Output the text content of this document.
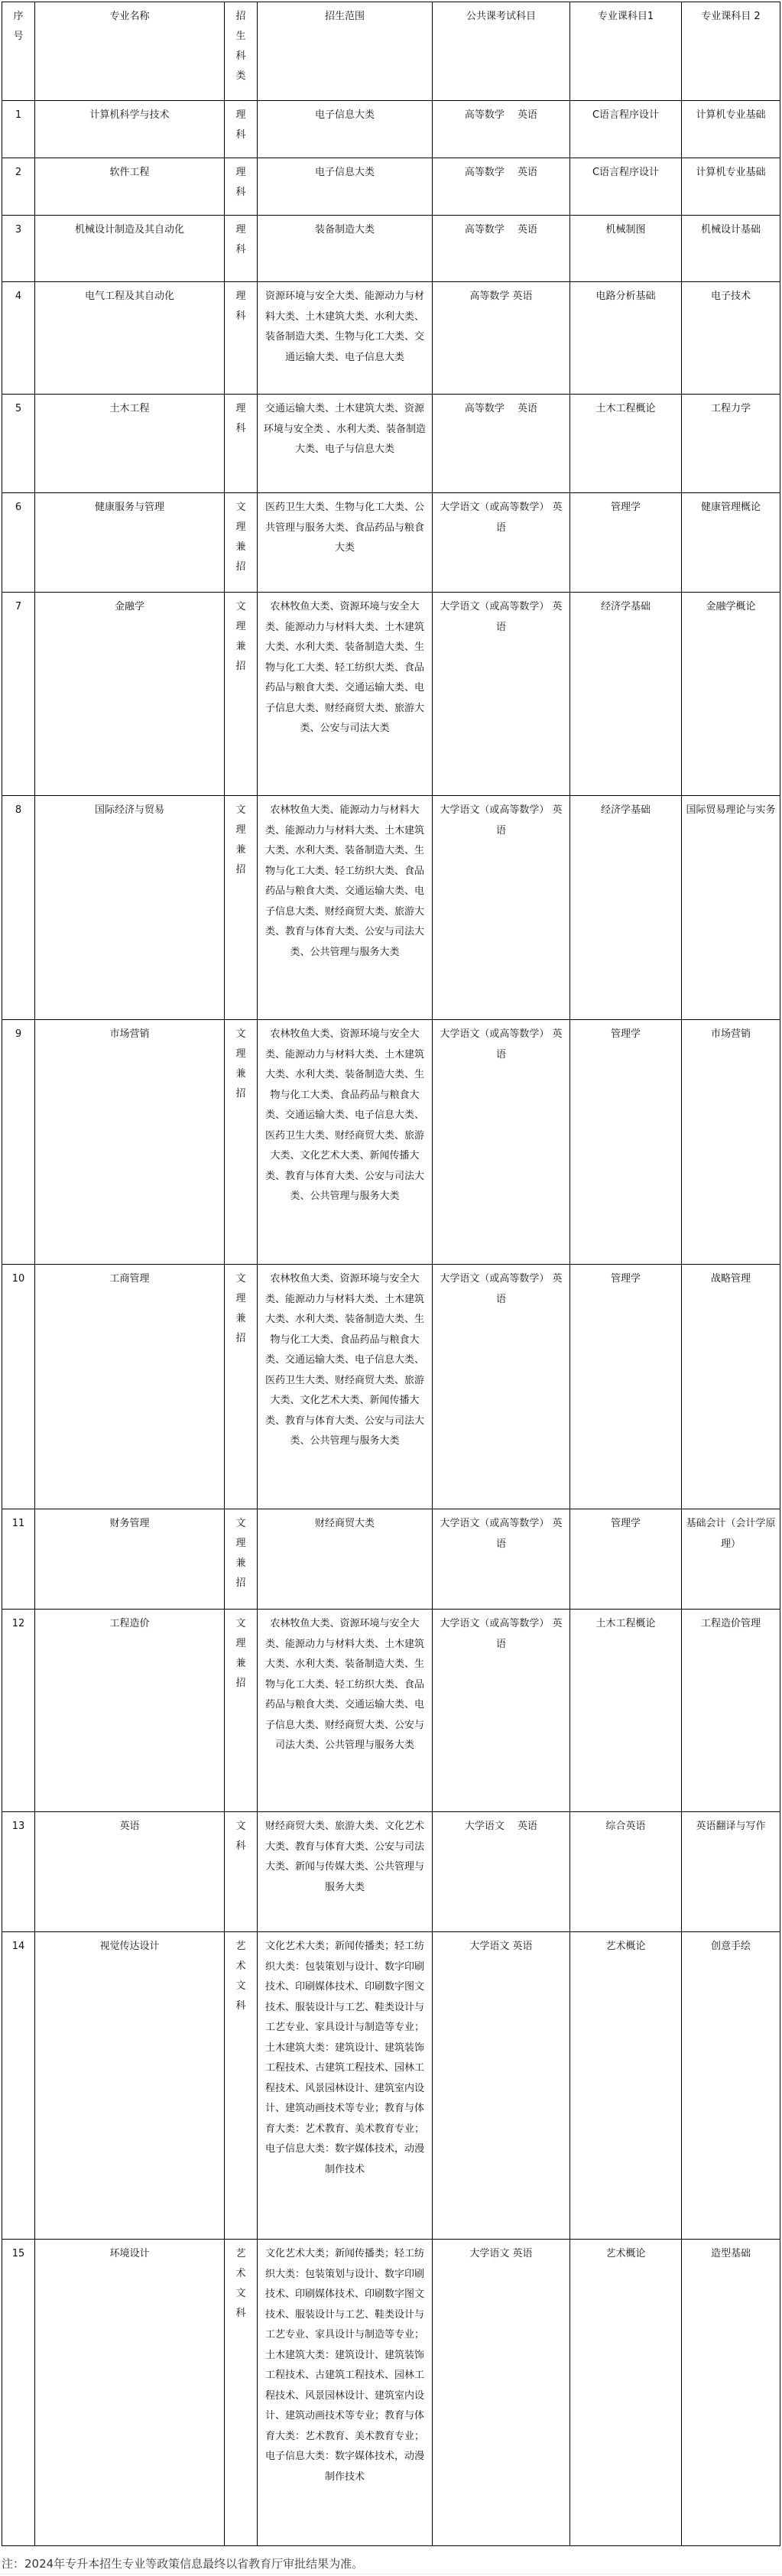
序号	专业名称	招生科类	招生范围	公共课考试科目	专业课科目1	专业课科目 2
1	计算机科学与技术	理科	电子信息大类	高等数学　 英语	C语言程序设计	计算机专业基础
2	软件工程	理科	电子信息大类	高等数学　 英语	C语言程序设计	计算机专业基础
3	机械设计制造及其自动化	理科	装备制造大类	高等数学　 英语	机械制图	机械设计基础
4	电气工程及其自动化	理科	资源环境与安全大类、能源动力与材料大类、土木建筑大类、水利大类、装备制造大类、生物与化工大类、交通运输大类、电子信息大类	高等数学 英语	电路分析基础	电子技术
5	土木工程	理科	交通运输大类、土木建筑大类、资源环境与安全类 、水利大类、装备制造大类、电子与信息大类	高等数学　 英语	土木工程概论	工程力学
6	健康服务与管理	文理兼招	医药卫生大类、生物与化工大类、公共管理与服务大类、食品药品与粮食大类	大学语文（或高等数学） 英语	管理学	健康管理概论
7	金融学	文理兼招	农林牧鱼大类、资源环境与安全大类、能源动力与材料大类、土木建筑大类、水利大类、装备制造大类、生物与化工大类、轻工纺织大类、食品药品与粮食大类、交通运输大类、电子信息大类、财经商贸大类、旅游大类、公安与司法大类	大学语文（或高等数学） 英语	经济学基础	金融学概论
8	国际经济与贸易	文理兼招	农林牧鱼大类、能源动力与材料大类、能源动力与材料大类、土木建筑大类、水利大类、装备制造大类、生物与化工大类、轻工纺织大类、食品药品与粮食大类、交通运输大类、电子信息大类、财经商贸大类、旅游大类、教育与体育大类、公安与司法大类、公共管理与服务大类	大学语文（或高等数学） 英语	经济学基础	国际贸易理论与实务
9	市场营销	文理兼招	农林牧鱼大类、资源环境与安全大类、能源动力与材料大类、土木建筑大类、水利大类、装备制造大类、生物与化工大类、食品药品与粮食大类、交通运输大类、电子信息大类、医药卫生大类、财经商贸大类、旅游大类、文化艺术大类、新闻传播大类、教育与体育大类、公安与司法大类、公共管理与服务大类	大学语文（或高等数学） 英语	管理学	市场营销
10	工商管理	文理兼招	农林牧鱼大类、资源环境与安全大类、能源动力与材料大类、土木建筑大类、水利大类、装备制造大类、生物与化工大类、食品药品与粮食大类、交通运输大类、电子信息大类、医药卫生大类、财经商贸大类、旅游大类、文化艺术大类、新闻传播大类、教育与体育大类、公安与司法大类、公共管理与服务大类	大学语文（或高等数学） 英语	管理学	战略管理
11	财务管理	文理兼招	财经商贸大类	大学语文（或高等数学） 英语	管理学	基础会计（会计学原理）
12	工程造价	文理兼招	农林牧鱼大类、资源环境与安全大类、能源动力与材料大类、土木建筑大类、水利大类、装备制造大类、生物与化工大类、轻工纺织大类、食品药品与粮食大类、交通运输大类、电子信息大类、财经商贸大类、公安与司法大类、公共管理与服务大类	大学语文（或高等数学） 英语	土木工程概论	工程造价管理
13	英语	文科	财经商贸大类、旅游大类、文化艺术大类、教育与体育大类、公安与司法大类、新闻与传媒大类、公共管理与服务大类	大学语文　 英语	综合英语	英语翻译与写作
14	视觉传达设计	艺术文科	文化艺术大类；新闻传播类；轻工纺织大类：包装策划与设计、数字印刷技术、印刷媒体技术、印刷数字图文技术、服装设计与工艺、鞋类设计与工艺专业、家具设计与制造等专业；土木建筑大类：建筑设计、建筑装饰工程技术、古建筑工程技术、园林工程技术、风景园林设计、建筑室内设计、建筑动画技术等专业；教育与体育大类：艺术教育、美术教育专业；电子信息大类：数字媒体技术，动漫制作技术	大学语文 英语	艺术概论	创意手绘
15	环境设计	艺术文科	文化艺术大类；新闻传播类；轻工纺织大类：包装策划与设计、数字印刷技术、印刷媒体技术、印刷数字图文技术、服装设计与工艺、鞋类设计与工艺专业、家具设计与制造等专业；土木建筑大类：建筑设计、建筑装饰工程技术、古建筑工程技术、园林工程技术、风景园林设计、建筑室内设计、建筑动画技术等专业；教育与体育大类：艺术教育、美术教育专业；电子信息大类：数字媒体技术，动漫制作技术	大学语文 英语	艺术概论	造型基础
注：2024年专升本招生专业等政策信息最终以省教育厅审批结果为准。
